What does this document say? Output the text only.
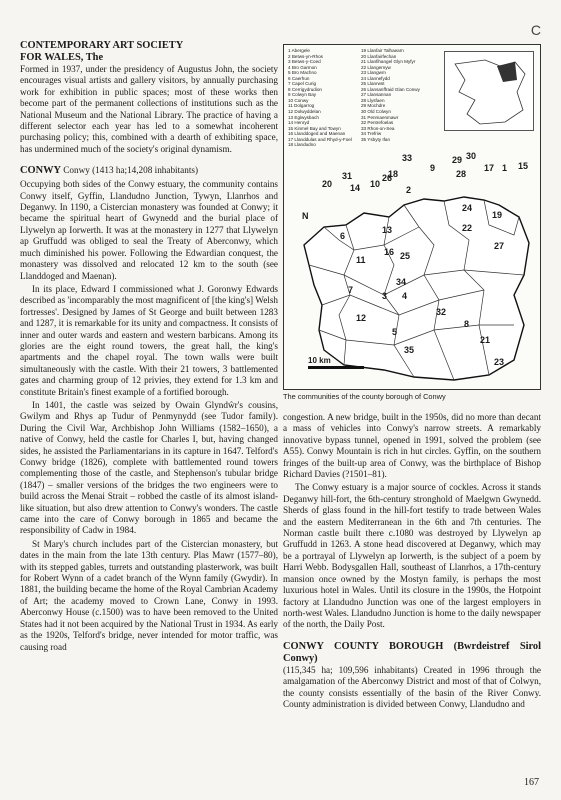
C
CONTEMPORARY ART SOCIETY
FOR WALES, The

Formed in 1937, under the presidency of Augustus John, the society encourages visual artists and gallery visitors, by annually purchasing work for exhibition in public spaces; most of these works then become part of the permanent collections of institutions such as the National Museum and the National Library. The practice of having a different selector each year has led to a somewhat incoherent purchasing policy; this, combined with a dearth of exhibiting space, has undermined much of the society's original dynamism.

CONWY Conwy (1413 ha;14,208 inhabitants)

Occupying both sides of the Conwy estuary, the community contains Conwy itself, Gyffin, Llandudno Junction, Tywyn, Llanrhos and Deganwy. In 1190, a Cistercian monastery was founded at Conwy; it became the spiritual heart of Gwynedd and the burial place of Llywelyn ap Iorwerth. It was at the monastery in 1277 that Llywelyn ap Gruffudd was obliged to seal the Treaty of Aberconwy, which much diminished his power. Following the Edwardian conquest, the monastery was dissolved and relocated 12 km to the south (see Llanddoged and Maenan).

In its place, Edward I commissioned what J. Goronwy Edwards described as 'incomparably the most magnificent of [the king's] Welsh fortresses'. Designed by James of St George and built between 1283 and 1287, it is remarkable for its unity and compactness. It consists of inner and outer wards and eastern and western barbicans. Among its glories are the eight round towers, the great hall, the king's apartments and the chapel royal. The town walls were built simultaneously with the castle. With their 21 towers, 3 battlemented gates and charming group of 12 privies, they extend for 1.3 km and constitute Britain's finest example of a fortified borough.

In 1401, the castle was seized by Owain Glyndŵr's cousins, Gwilym and Rhys ap Tudur of Penmynydd (see Tudor family). During the Civil War, Archbishop John Williams (1582–1650), a native of Conwy, held the castle for Charles I, but, having changed sides, he assisted the Parliamentarians in its capture in 1647. Telford's Conwy bridge (1826), complete with battlemented round towers complementing those of the castle, and Stephenson's tubular bridge (1847) – smaller versions of the bridges the two engineers were to build across the Menai Strait – robbed the castle of its almost island-like situation, but also drew attention to Conwy's wonders. The castle came into the care of Conwy borough in 1865 and became the responsibility of Cadw in 1984.

St Mary's church includes part of the Cistercian monastery, but dates in the main from the late 13th century. Plas Mawr (1577–80), with its stepped gables, turrets and outstanding plasterwork, was built for Robert Wynn of a cadet branch of the Wynn family (Gwydir). In 1881, the building became the home of the Royal Cambrian Academy of Art; the academy moved to Crown Lane, Conwy in 1993. Aberconwy House (c.1500) was to have been removed to the United States had it not been acquired by the National Trust in 1934. As early as the 1920s, Telford's bridge, never intended for motor traffic, was causing road

1 Abergele
2 Betws-yn-Rhos
3 Betws-y-Coed
4 Bro Garmon
5 Bro Machno
6 Caerhun
7 Capel Curig
8 Cerrigydrudion
9 Colwyn Bay
10 Conwy
11 Dolgarrog
12 Dolwyddelan
13 Eglwysbach
14 Henryd
15 Kinmel Bay and Towyn
16 Llanddoged and Maenan
17 Llanddulas and Rhyd-y-Foel
18 Llandudno
19 Llanfair Talhaearn
20 Llanfairfechan
21 Llanfihangel Glyn Myfyr
22 Llangernyw
23 Llangwm
24 Llannefydd
25 Llanrwst
26 Llansanffraid Glan Conwy
27 Llansannan
28 Llysfaen
29 Mochdre
30 Old Colwyn
31 Penmaenmawr
32 Pentrefoelas
33 Rhos-on-Sea
34 Trefriw
35 Ysbyty Ifan
33	29 30
18
9
28
17 1 15
20 14 10
26
31
2
24
19
6
13	22
27
11
16
34
25
7
3 4
32
12
5
8
35
21
23
N
10 km
The communities of the county borough of Conwy

congestion. A new bridge, built in the 1950s, did no more than decant a mass of vehicles into Conwy's narrow streets. A remarkably innovative bypass tunnel, opened in 1991, solved the problem (see A55). Conwy Mountain is rich in hut circles. Gyffin, on the southern fringes of the built-up area of Conwy, was the birthplace of Bishop Richard Davies (?1501–81).

The Conwy estuary is a major source of cockles. Across it stands Deganwy hill-fort, the 6th-century stronghold of Maelgwn Gwynedd. Sherds of glass found in the hill-fort testify to trade between Wales and the eastern Mediterranean in the 6th and 7th centuries. The Norman castle built there c.1080 was destroyed by Llywelyn ap Gruffudd in 1263. A stone head discovered at Deganwy, which may be a portrayal of Llywelyn ap Iorwerth, is the subject of a poem by Harri Webb. Bodysgallen Hall, southeast of Llanrhos, a 17th-century mansion once owned by the Mostyn family, is perhaps the most luxurious hotel in Wales. Until its closure in the 1990s, the Hotpoint factory at Llandudno Junction was one of the largest employers in north-west Wales. Llandudno Junction is home to the daily newspaper of the north, the Daily Post.

CONWY COUNTY BOROUGH (Bwrdeistref Sirol Conwy)

(115,345 ha; 109,596 inhabitants) Created in 1996 through the amalgamation of the Aberconwy District and most of that of Colwyn, the county consists essentially of the basin of the River Conwy. County administration is divided between Conwy, Llandudno and

167
